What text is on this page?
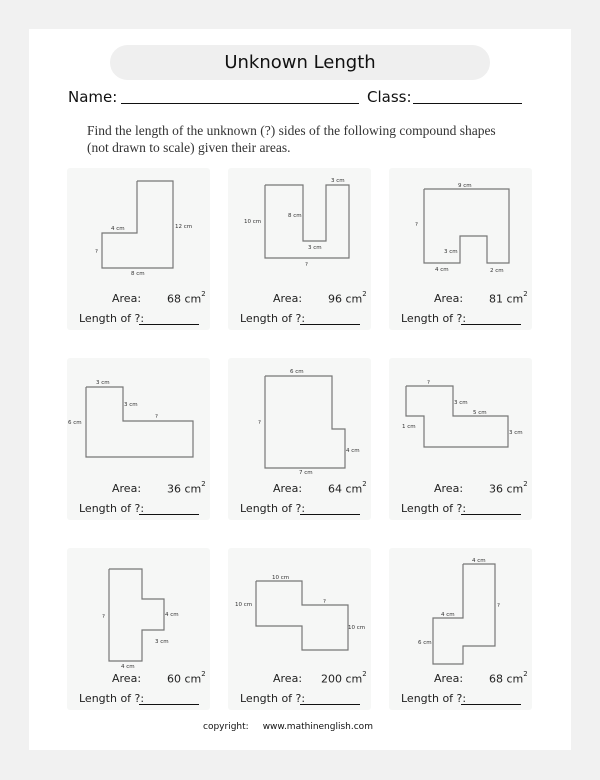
Unknown Length
Name:	Class:
Find the length of the unknown (?) sides of the following compound shapes
(not drawn to scale) given their areas.
4 cm	12 cm
8 cm
?
Area: 68 $cm^2$
Length of ?:
3 cm
10 cm
8 cm
3 cm
?
Area: 96 $cm^2$
Length of ?:
9 cm
?
3 cm
4 cm	2 cm
Area: 81 $cm^2$
Length of ?:
3 cm
6 cm
3 cm
?
Area: 36 $cm^2$
Length of ?:
6 cm
?
4 cm
7 cm
Area: 64 $cm^2$
Length of ?:
?
3 cm
5 cm
1 cm
3 cm
Area: 36 $cm^2$
Length of ?:
?	4 cm
3 cm
4 cm
Area: 60 $cm^2$
Length of ?:
10 cm
10 cm	?
10 cm
Area: 200 $cm^2$
Length of ?:
4 cm
?
4 cm
6 cm
Area: 68 $cm^2$
Length of ?:
copyright: www.mathinenglish.com
